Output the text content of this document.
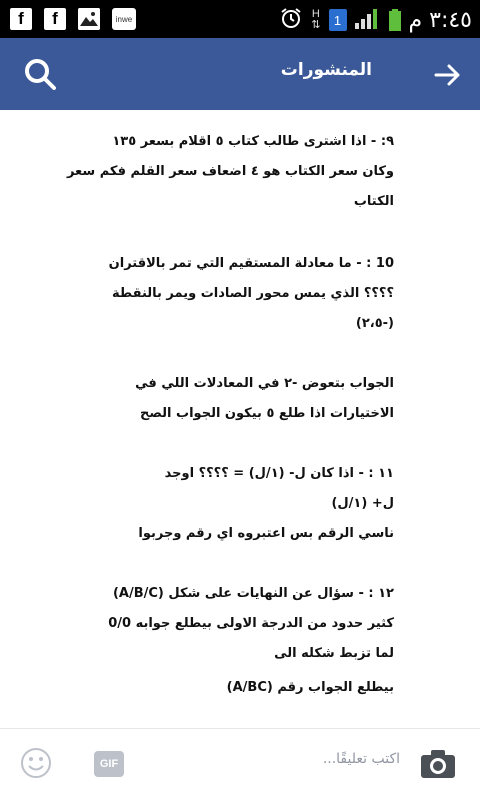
f	f	inwe	H
⇅	1	٣:٤٥ م
المنشورات
٩: - اذا اشترى طالب كتاب ٥ اقلام بسعر ١٣٥
وكان سعر الكتاب هو ٤ اضعاف سعر القلم فكم سعر
الكتاب
10 : - ما معادلة المستقيم التي تمر بالاقتران
؟؟؟؟ الذي يمس محور الصادات ويمر بالنقطة
(-٢،٥)
الجواب بتعوض -٢ في المعادلات اللي في
الاختيارات اذا طلع ٥ بيكون الجواب الصح
١١ : - اذا كان ل- (١/ل) = ؟؟؟؟ اوجد
ل+ (١/ل)
ناسي الرقم بس اعتبروه اي رقم وجربوا
١٢ : - سؤال عن النهايات على شكل (A/B/C)
كثير حدود من الدرجة الاولى بيطلع جوابه 0/0
لما تزبط شكله الى
بيطلع الجواب رقم (A/BC)
اكتب تعليقًا...
GIF
